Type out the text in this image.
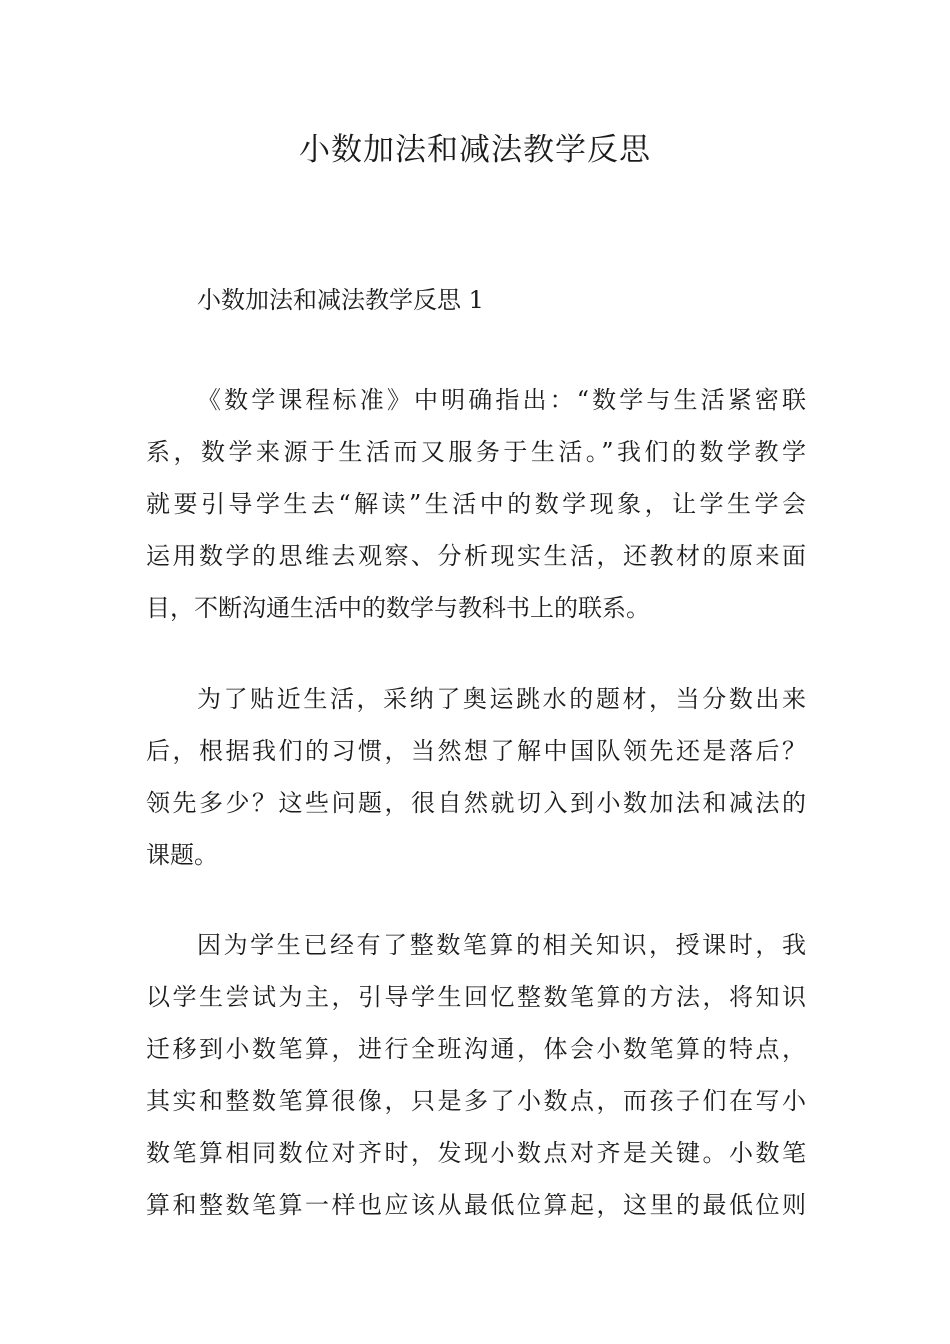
小数加法和减法教学反思

小数加法和减法教学反思 1

《数学课程标准》中明确指出：“数学与生活紧密联
系，数学来源于生活而又服务于生活。”我们的数学教学
就要引导学生去“解读”生活中的数学现象，让学生学会
运用数学的思维去观察、分析现实生活，还教材的原来面
目，不断沟通生活中的数学与教科书上的联系。
为了贴近生活，采纳了奥运跳水的题材，当分数出来
后，根据我们的习惯，当然想了解中国队领先还是落后？
领先多少？这些问题，很自然就切入到小数加法和减法的
课题。
因为学生已经有了整数笔算的相关知识，授课时，我
以学生尝试为主，引导学生回忆整数笔算的方法，将知识
迁移到小数笔算，进行全班沟通，体会小数笔算的特点，
其实和整数笔算很像，只是多了小数点，而孩子们在写小
数笔算相同数位对齐时，发现小数点对齐是关键。小数笔
算和整数笔算一样也应该从最低位算起，这里的最低位则
